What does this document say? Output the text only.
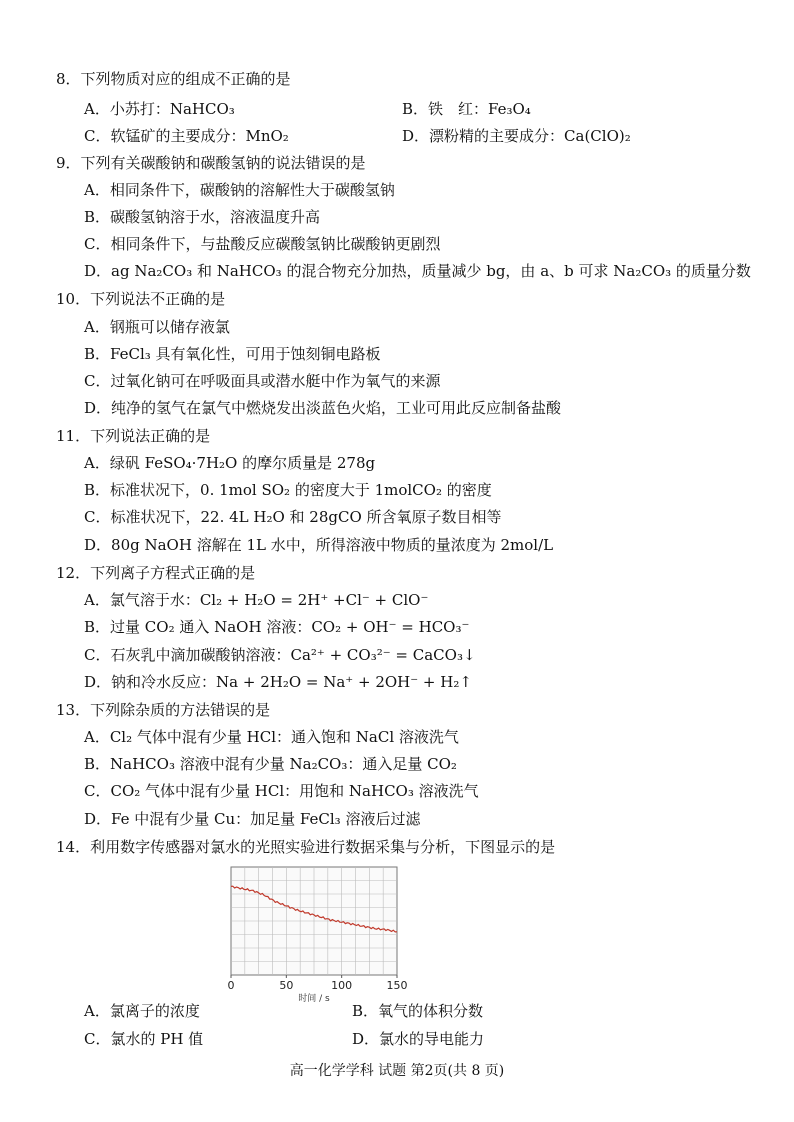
8．下列物质对应的组成不正确的是
A．小苏打：NaHCO₃	B．铁　红：Fe₃O₄
C．软锰矿的主要成分：MnO₂	D．漂粉精的主要成分：Ca(ClO)₂
9．下列有关碳酸钠和碳酸氢钠的说法错误的是
A．相同条件下，碳酸钠的溶解性大于碳酸氢钠
B．碳酸氢钠溶于水，溶液温度升高
C．相同条件下，与盐酸反应碳酸氢钠比碳酸钠更剧烈
D．ag Na₂CO₃ 和 NaHCO₃ 的混合物充分加热，质量减少 bg，由 a、b 可求 Na₂CO₃ 的质量分数
10．下列说法不正确的是
A．钢瓶可以储存液氯
B．FeCl₃ 具有氧化性，可用于蚀刻铜电路板
C．过氧化钠可在呼吸面具或潜水艇中作为氧气的来源
D．纯净的氢气在氯气中燃烧发出淡蓝色火焰，工业可用此反应制备盐酸
11．下列说法正确的是
A．绿矾 FeSO₄·7H₂O 的摩尔质量是 278g
B．标准状况下，0. 1mol SO₂ 的密度大于 1molCO₂ 的密度
C．标准状况下，22. 4L H₂O 和 28gCO 所含氧原子数目相等
D．80g NaOH 溶解在 1L 水中，所得溶液中物质的量浓度为 2mol/L
12．下列离子方程式正确的是
A．氯气溶于水：Cl₂ + H₂O = 2H⁺ +Cl⁻ + ClO⁻
B．过量 CO₂ 通入 NaOH 溶液：CO₂ + OH⁻ = HCO₃⁻
C．石灰乳中滴加碳酸钠溶液：Ca²⁺ + CO₃²⁻ = CaCO₃↓
D．钠和冷水反应：Na + 2H₂O = Na⁺ + 2OH⁻ + H₂↑
13．下列除杂质的方法错误的是
A．Cl₂ 气体中混有少量 HCl：通入饱和 NaCl 溶液洗气
B．NaHCO₃ 溶液中混有少量 Na₂CO₃：通入足量 CO₂
C．CO₂ 气体中混有少量 HCl：用饱和 NaHCO₃ 溶液洗气
D．Fe 中混有少量 Cu：加足量 FeCl₃ 溶液后过滤
14．利用数字传感器对氯水的光照实验进行数据采集与分析，下图显示的是
0	50	100	150
时间 / s
A．氯离子的浓度	B．氧气的体积分数
C．氯水的 PH 值	D．氯水的导电能力
高一化学学科 试题 第2页(共 8 页)
